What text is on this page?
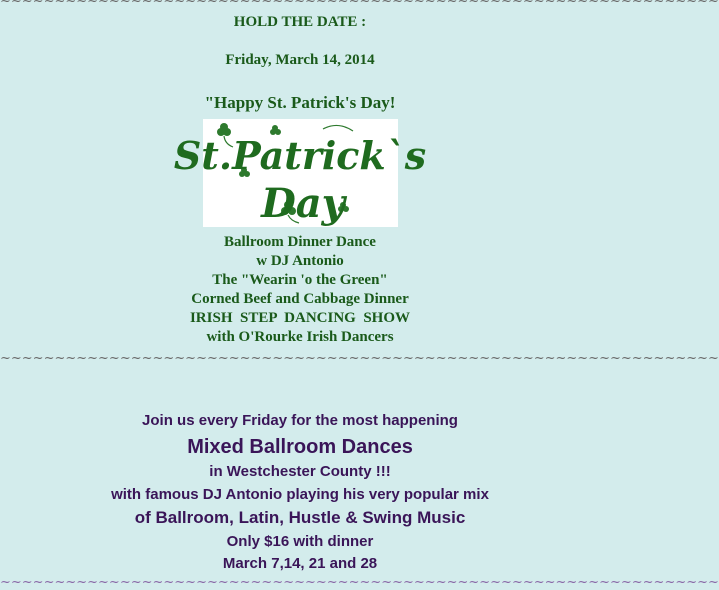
~~~~~~~~~~~~~~~~~~~~~~~~~~~~~~~~~~~~~~~~~~~~~~~~~~~~~~~~~~~~~~~~~~
HOLD THE DATE :
Friday, March 14, 2014
"Happy St. Patrick's Day!
St.Patrick`s
Day
Ballroom Dinner Dance
w DJ Antonio
The "Wearin 'o the Green"
Corned Beef and Cabbage Dinner
IRISH  STEP  DANCING  SHOW
with O'Rourke Irish Dancers
~~~~~~~~~~~~~~~~~~~~~~~~~~~~~~~~~~~~~~~~~~~~~~~~~~~~~~~~~~~~~~~~~~
Join us every Friday for the most happening
Mixed Ballroom Dances
in Westchester County !!!
with famous DJ Antonio playing his very popular mix
of Ballroom, Latin, Hustle & Swing Music
Only $16 with dinner
March 7,14, 21 and 28
~~~~~~~~~~~~~~~~~~~~~~~~~~~~~~~~~~~~~~~~~~~~~~~~~~~~~~~~~~~~~~~~~~
